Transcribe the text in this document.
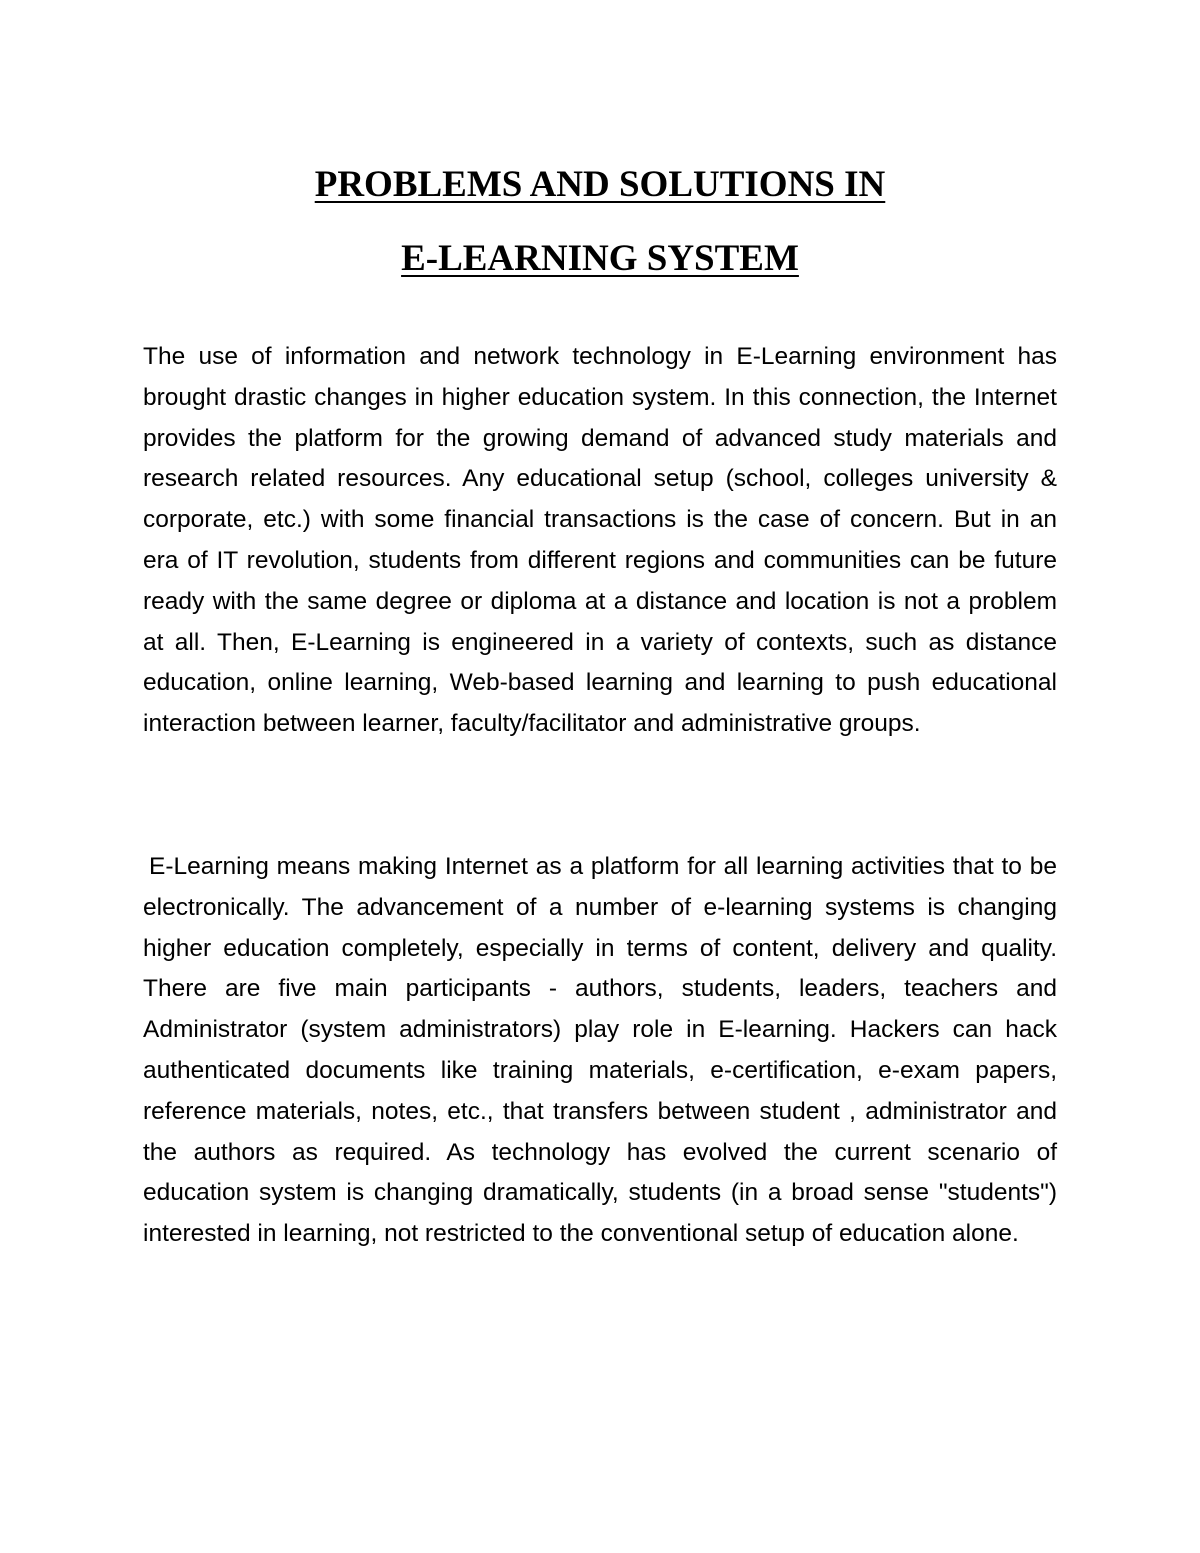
PROBLEMS AND SOLUTIONS IN
E-LEARNING SYSTEM

The use of information and network technology in E-Learning environment has brought drastic changes in higher education system. In this connection, the Internet provides the platform for the growing demand of advanced study materials and research related resources. Any educational setup (school, colleges university & corporate, etc.) with some financial transactions is the case of concern. But in an era of IT revolution, students from different regions and communities can be future ready with the same degree or diploma at a distance and location is not a problem at all. Then, E-Learning is engineered in a variety of contexts, such as distance education, online learning, Web-based learning and learning to push educational interaction between learner, faculty/facilitator and administrative groups.

E-Learning means making Internet as a platform for all learning activities that to be electronically. The advancement of a number of e-learning systems is changing higher education completely, especially in terms of content, delivery and quality. There are five main participants - authors, students, leaders, teachers and Administrator (system administrators) play role in E-learning. Hackers can hack authenticated documents like training materials, e-certification, e-exam papers, reference materials, notes, etc., that transfers between student , administrator and the authors as required. As technology has evolved the current scenario of education system is changing dramatically, students (in a broad sense "students") interested in learning, not restricted to the conventional setup of education alone.
